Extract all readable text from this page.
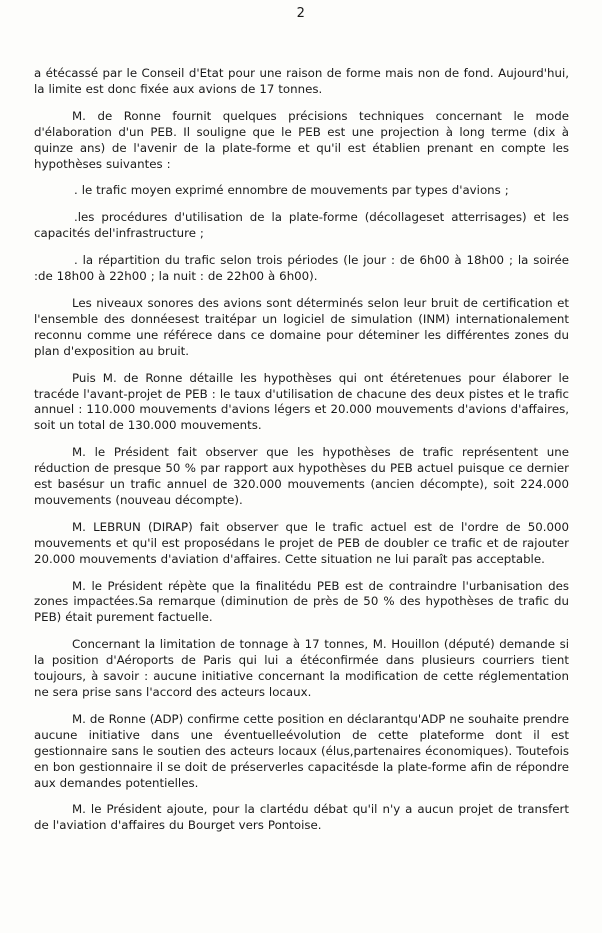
2

a étécassé par le Conseil d'Etat pour une raison de forme mais non de fond. Aujourd'hui, la limite est donc fixée aux avions de 17 tonnes.

M. de Ronne fournit quelques précisions techniques concernant le mode d'élaboration d'un PEB. Il souligne que le PEB est une projection à long terme (dix à quinze ans) de l'avenir de la plate-forme et qu'il est établien prenant en compte les hypothèses suivantes :

. le trafic moyen exprimé ennombre de mouvements par types d'avions ;

.les procédures d'utilisation de la plate-forme (décollageset atterrisages) et les capacités del'infrastructure ;

. la répartition du trafic selon trois périodes (le jour : de 6h00 à 18h00 ; la soirée :de 18h00 à 22h00 ; la nuit : de 22h00 à 6h00).

Les niveaux sonores des avions sont déterminés selon leur bruit de certification et l'ensemble des donnéesest traitépar un logiciel de simulation (INM) internationalement reconnu comme une référece dans ce domaine pour déteminer les différentes zones du plan d'exposition au bruit.

Puis M. de Ronne détaille les hypothèses qui ont étéretenues pour élaborer le tracéde l'avant-projet de PEB : le taux d'utilisation de chacune des deux pistes et le trafic annuel : 110.000 mouvements d'avions légers et 20.000 mouvements d'avions d'affaires, soit un total de 130.000 mouvements.

M. le Président fait observer que les hypothèses de trafic représentent une réduction de presque 50 % par rapport aux hypothèses du PEB actuel puisque ce dernier est basésur un trafic annuel de 320.000 mouvements (ancien décompte), soit 224.000 mouvements (nouveau décompte).

M. LEBRUN (DIRAP) fait observer que le trafic actuel est de l'ordre de 50.000 mouvements et qu'il est proposédans le projet de PEB de doubler ce trafic et de rajouter 20.000 mouvements d'aviation d'affaires. Cette situation ne lui paraît pas acceptable.

M. le Président répète que la finalitédu PEB est de contraindre l'urbanisation des zones impactées.Sa remarque (diminution de près de 50 % des hypothèses de trafic du PEB) était purement factuelle.

Concernant la limitation de tonnage à 17 tonnes, M. Houillon (député) demande si la position d'Aéroports de Paris qui lui a étéconfirmée dans plusieurs courriers tient toujours, à savoir : aucune initiative concernant la modification de cette réglementation ne sera prise sans l'accord des acteurs locaux.

M. de Ronne (ADP) confirme cette position en déclarantqu'ADP ne souhaite prendre aucune initiative dans une éventuelleévolution de cette plateforme dont il est gestionnaire sans le soutien des acteurs locaux (élus,partenaires économiques). Toutefois en bon gestionnaire il se doit de préserverles capacitésde la plate-forme afin de répondre aux demandes potentielles.

M. le Président ajoute, pour la clartédu débat qu'il n'y a aucun projet de transfert de l'aviation d'affaires du Bourget vers Pontoise.
